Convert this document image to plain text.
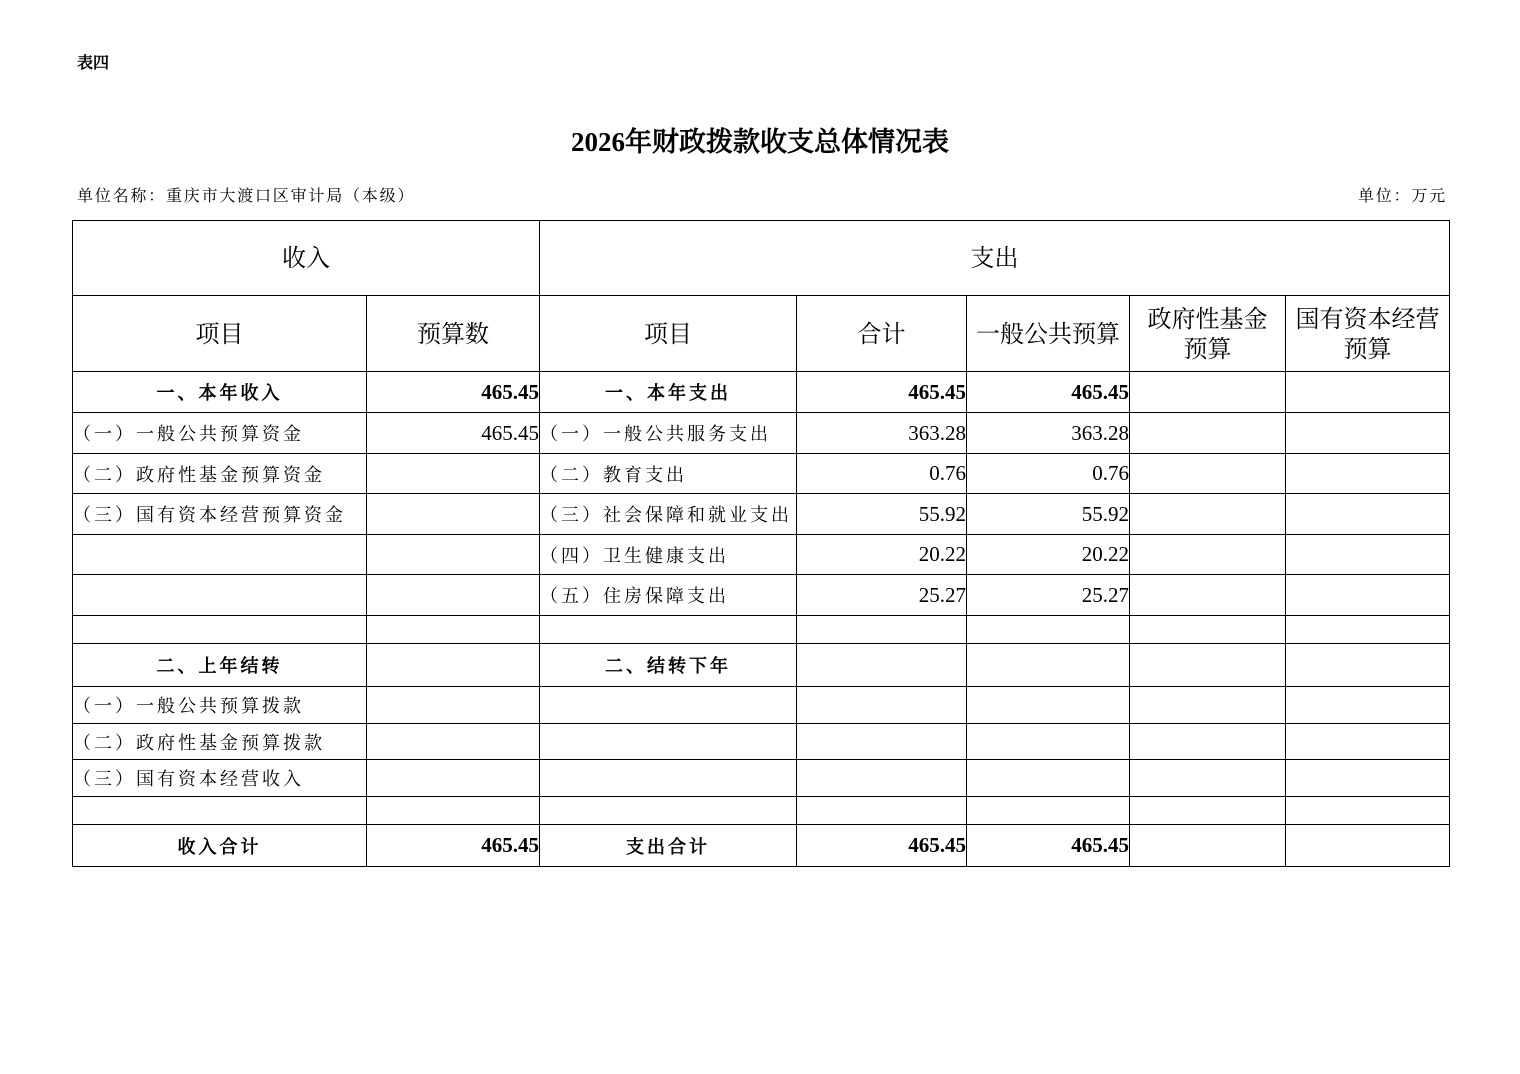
表四
2026年财政拨款收支总体情况表
单位名称：重庆市大渡口区审计局（本级）	单位：万元
收入		支出				
项目	预算数	项目	合计	一般公共预算	政府性基金预算	国有资本经营预算
一、本年收入	465.45	一、本年支出	465.45	465.45		
（一）一般公共预算资金	465.45	（一）一般公共服务支出	363.28	363.28		
（二）政府性基金预算资金		（二）教育支出	0.76	0.76		
（三）国有资本经营预算资金		（三）社会保障和就业支出	55.92	55.92		
		（四）卫生健康支出	20.22	20.22		
		（五）住房保障支出	25.27	25.27		

二、上年结转		二、结转下年				
（一）一般公共预算拨款						
（二）政府性基金预算拨款						
（三）国有资本经营收入						

收入合计	465.45	支出合计	465.45	465.45		
